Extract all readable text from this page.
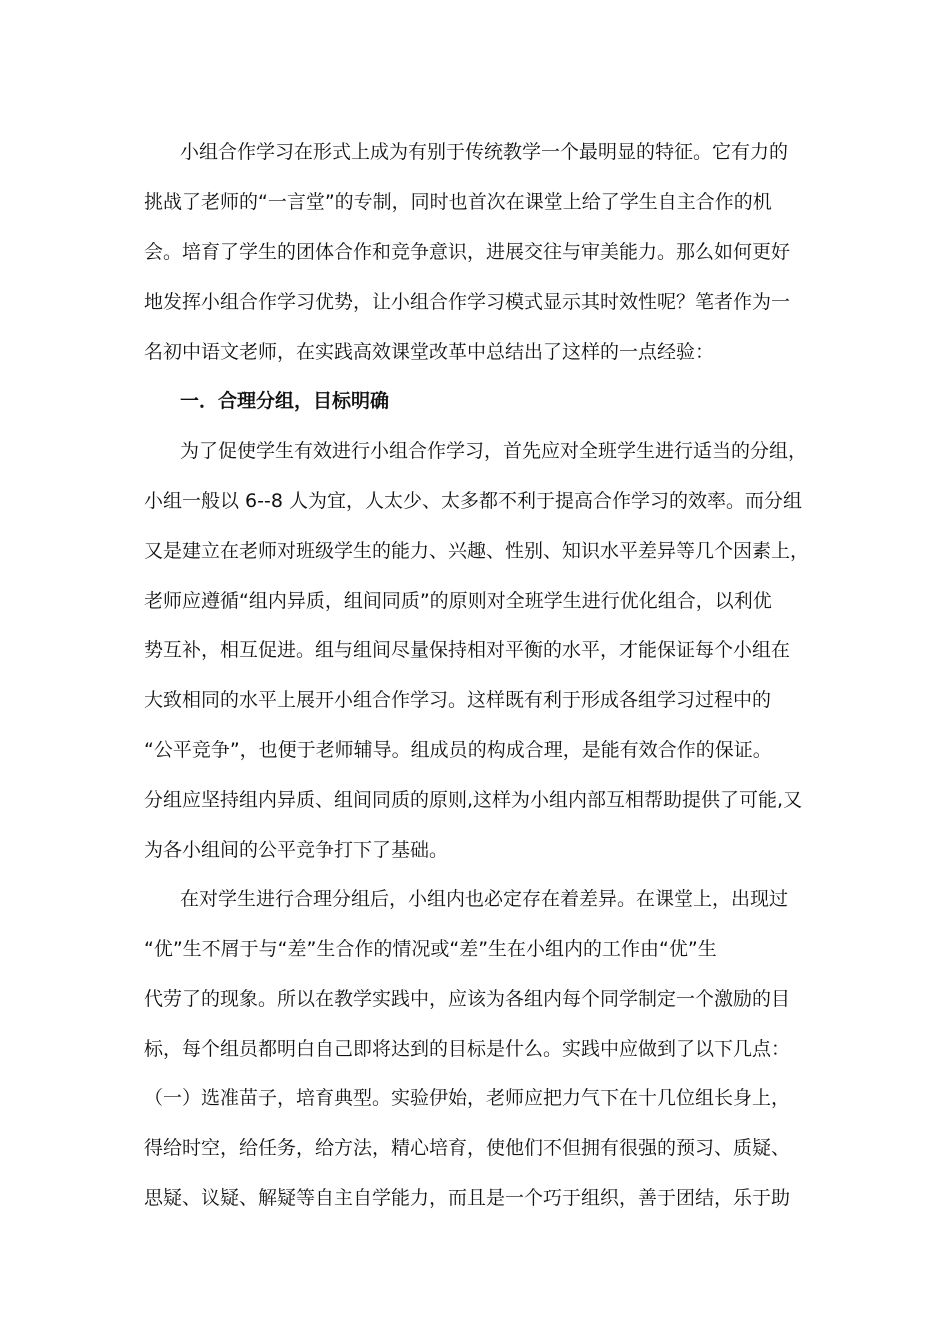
小组合作学习在形式上成为有别于传统教学一个最明显的特征。它有力的
挑战了老师的“一言堂”的专制，同时也首次在课堂上给了学生自主合作的机
会。培育了学生的团体合作和竞争意识，进展交往与审美能力。那么如何更好
地发挥小组合作学习优势，让小组合作学习模式显示其时效性呢？笔者作为一
名初中语文老师，在实践高效课堂改革中总结出了这样的一点经验：
一．合理分组，目标明确
为了促使学生有效进行小组合作学习，首先应对全班学生进行适当的分组，
小组一般以 6--8 人为宜，人太少、太多都不利于提高合作学习的效率。而分组
又是建立在老师对班级学生的能力、兴趣、性别、知识水平差异等几个因素上，
老师应遵循“组内异质，组间同质”的原则对全班学生进行优化组合，以利优
势互补，相互促进。组与组间尽量保持相对平衡的水平，才能保证每个小组在
大致相同的水平上展开小组合作学习。这样既有利于形成各组学习过程中的
“公平竞争”，也便于老师辅导。组成员的构成合理，是能有效合作的保证。
分组应坚持组内异质、组间同质的原则,这样为小组内部互相帮助提供了可能,又
为各小组间的公平竞争打下了基础。
在对学生进行合理分组后，小组内也必定存在着差异。在课堂上，出现过
“优”生不屑于与“差”生合作的情况或“差”生在小组内的工作由“优”生
代劳了的现象。所以在教学实践中，应该为各组内每个同学制定一个激励的目
标，每个组员都明白自己即将达到的目标是什么。实践中应做到了以下几点：
（一）选准苗子，培育典型。实验伊始，老师应把力气下在十几位组长身上，
得给时空，给任务，给方法，精心培育，使他们不但拥有很强的预习、质疑、
思疑、议疑、解疑等自主自学能力，而且是一个巧于组织，善于团结，乐于助
